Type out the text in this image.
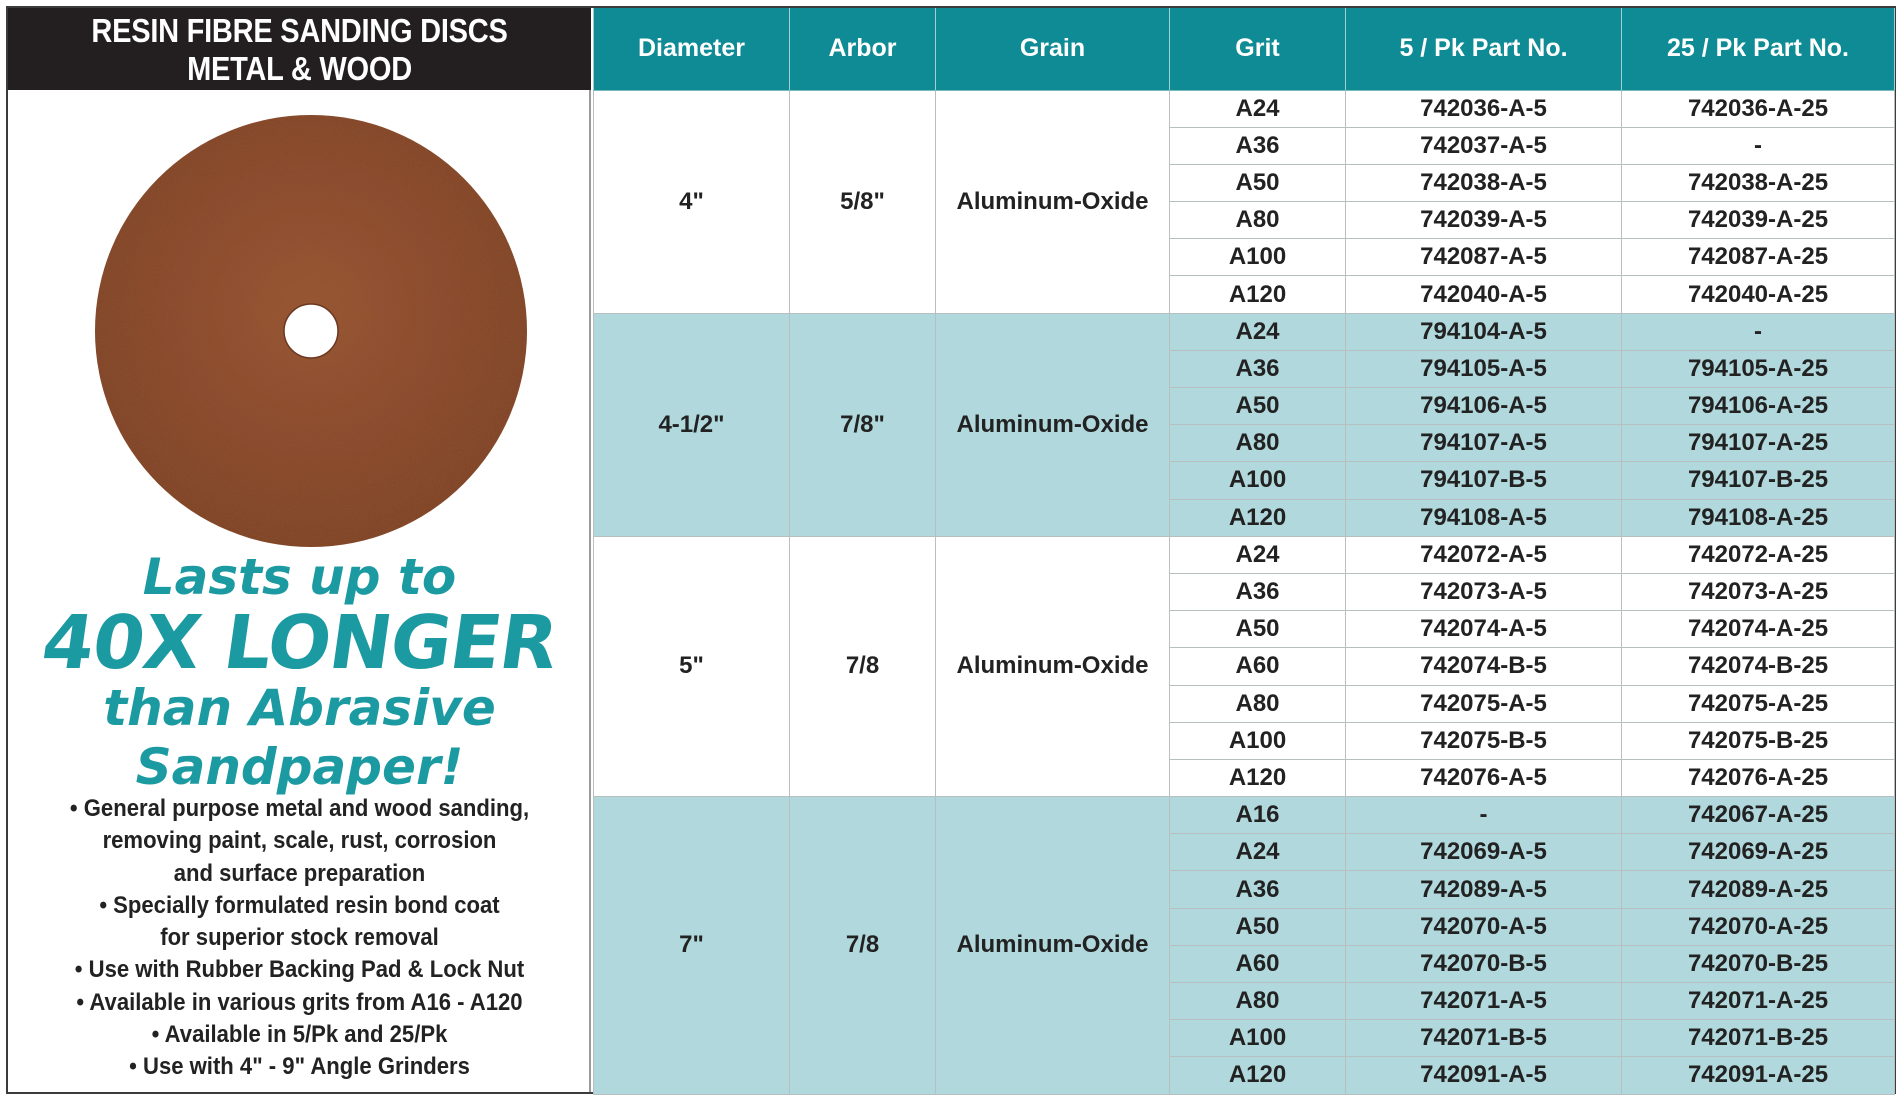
RESIN FIBRE SANDING DISCS
METAL & WOOD
Lasts up to
40X LONGER
than Abrasive
Sandpaper!
• General purpose metal and wood sanding,
removing paint, scale, rust, corrosion
and surface preparation
• Specially formulated resin bond coat
for superior stock removal
• Use with Rubber Backing Pad & Lock Nut
• Available in various grits from A16 - A120
• Available in 5/Pk and 25/Pk
• Use with 4" - 9" Angle Grinders
Diameter	Arbor	Grain	Grit	5 / Pk Part No.	25 / Pk Part No.
4"	5/8"	Aluminum-Oxide	A24	742036-A-5	742036-A-25
			A36	742037-A-5	-
			A50	742038-A-5	742038-A-25
			A80	742039-A-5	742039-A-25
			A100	742087-A-5	742087-A-25
			A120	742040-A-5	742040-A-25
4-1/2"	7/8"	Aluminum-Oxide	A24	794104-A-5	-
			A36	794105-A-5	794105-A-25
			A50	794106-A-5	794106-A-25
			A80	794107-A-5	794107-A-25
			A100	794107-B-5	794107-B-25
			A120	794108-A-5	794108-A-25
5"	7/8	Aluminum-Oxide	A24	742072-A-5	742072-A-25
			A36	742073-A-5	742073-A-25
			A50	742074-A-5	742074-A-25
			A60	742074-B-5	742074-B-25
			A80	742075-A-5	742075-A-25
			A100	742075-B-5	742075-B-25
			A120	742076-A-5	742076-A-25
7"	7/8	Aluminum-Oxide	A16	-	742067-A-25
			A24	742069-A-5	742069-A-25
			A36	742089-A-5	742089-A-25
			A50	742070-A-5	742070-A-25
			A60	742070-B-5	742070-B-25
			A80	742071-A-5	742071-A-25
			A100	742071-B-5	742071-B-25
			A120	742091-A-5	742091-A-25
